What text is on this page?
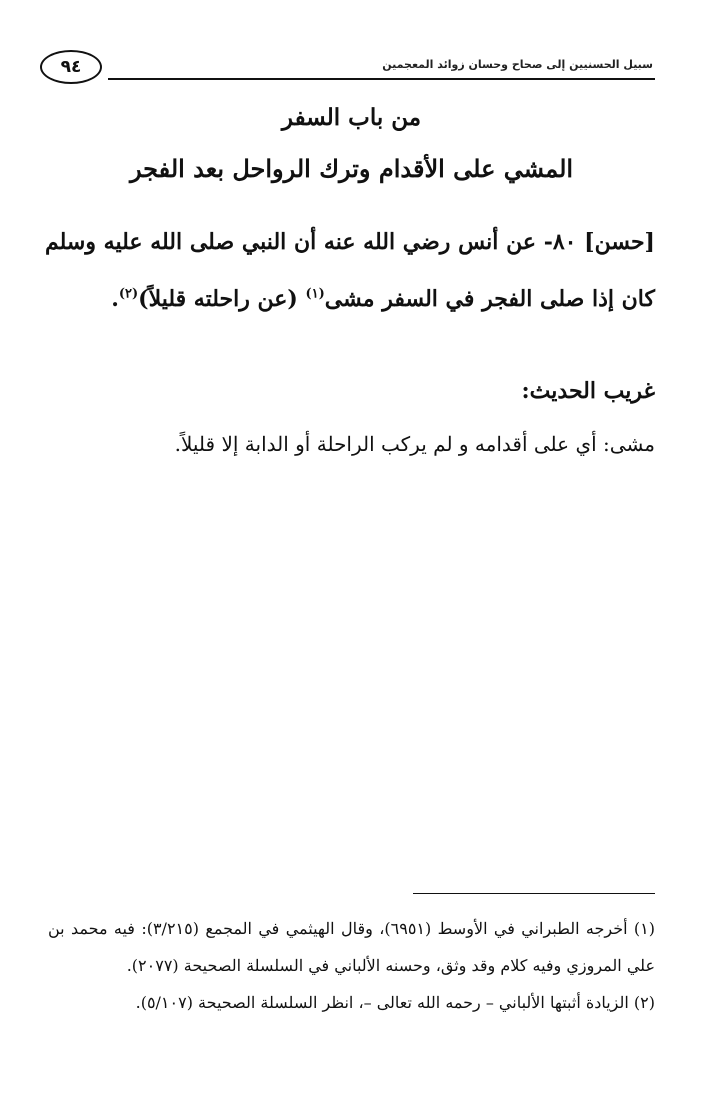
٩٤	سبيل الحسنيين إلى صحاح وحسان زوائد المعجمين
من باب السفر
المشي على الأقدام وترك الرواحل بعد الفجر
[حسن] ٨٠- عن أنس رضي الله عنه أن النبي صلى الله عليه وسلم كان إذا صلى الفجر في السفر مشى$^{(١)}$ (عن راحلته قليلاً)$^{(٢)}$.
غريب الحديث:
مشى: أي على أقدامه و لم يركب الراحلة أو الدابة إلا قليلاً.

(١) أخرجه الطبراني في الأوسط (٦٩٥١)، وقال الهيثمي في المجمع (٣/٢١٥): فيه محمد بن علي المروزي وفيه كلام وقد وثق، وحسنه الألباني في السلسلة الصحيحة (٢٠٧٧).

(٢) الزيادة أثبتها الألباني – رحمه الله تعالى –، انظر السلسلة الصحيحة (٥/١٠٧).
